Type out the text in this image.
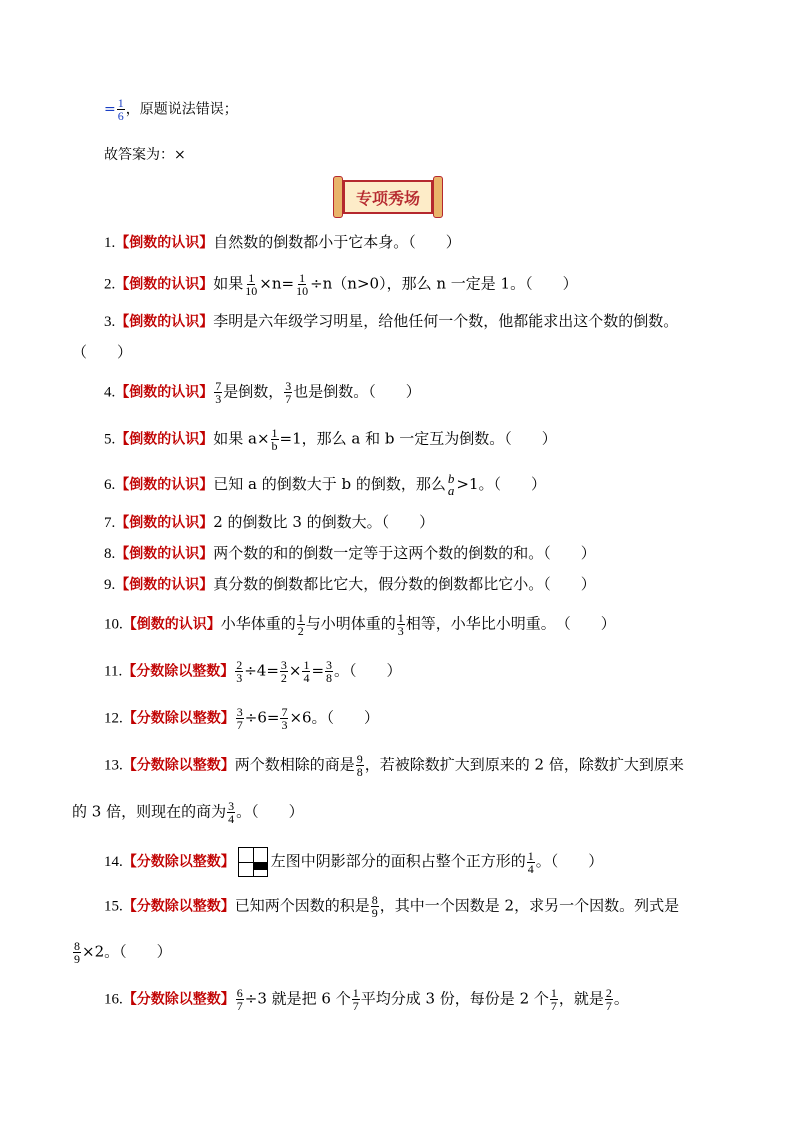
= $\frac{1}{6}$ ，原题说法错误；
故答案为：×
专项秀场
1.【倒数的认识】自然数的倒数都小于它本身。（　　）
2.【倒数的认识】如果 $\frac{1}{10} \times n= \frac{1}{10} \div n(n>0)$，那么 n 一定是 1。（　　）
3.【倒数的认识】李明是六年级学习明星，给他任何一个数，他都能求出这个数的倒数。
（　　）
4.【倒数的认识】 $\frac{7}{3}$ 是倒数， $\frac{3}{7}$ 也是倒数。（　　）
5.【倒数的认识】如果 $a\times \frac{1}{b} =1$，那么 a 和 b 一定互为倒数。（　　）
6.【倒数的认识】已知 a 的倒数大于 b 的倒数，那么 b
a >1。（　　）
7.【倒数的认识】2 的倒数比 3 的倒数大。（　　）
8.【倒数的认识】两个数的和的倒数一定等于这两个数的倒数的和。（　　）
9.【倒数的认识】真分数的倒数都比它大，假分数的倒数都比它小。（　　）
10.【倒数的认识】小华体重的 $\frac{1}{2}$ 与小明体重的 $\frac{1}{3}$ 相等，小华比小明重。　（　　）
11.【分数除以整数】 $\frac{2}{3} \div 4= \frac{3}{2} \times \frac{1}{4} = \frac{3}{8}$ 。（　　）
12.【分数除以整数】 $\frac{3}{7} \div 6= \frac{7}{3} \times 6$。（　　）
13.【分数除以整数】两个数相除的商是 $\frac{9}{8}$ ，若被除数扩大到原来的 2 倍，除数扩大到原来
的 3 倍，则现在的商为 $\frac{3}{4}$ 。（　　）
14.【分数除以整数】 左图中阴影部分的面积占整个正方形的 $\frac{1}{4}$ 。（　　）
15.【分数除以整数】已知两个因数的积是 $\frac{8}{9}$ ，其中一个因数是 2，求另一个因数。列式是
$\frac{8}{9} \times 2$。（　　）
16.【分数除以整数】 $\frac{6}{7} \div 3$ 就是把 6 个 $\frac{1}{7}$ 平均分成 3 份，每份是 2 个 $\frac{1}{7}$ ，就是 $\frac{2}{7}$ 。
